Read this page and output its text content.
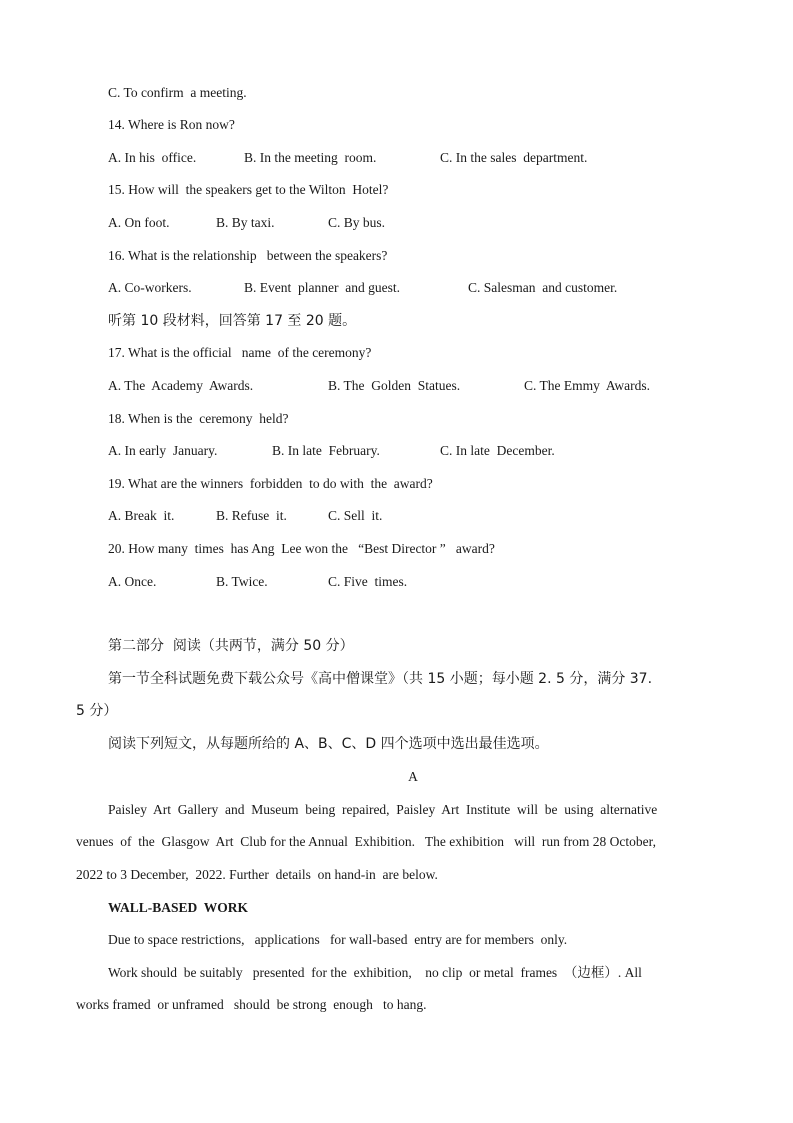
C. To confirm  a meeting.
14. Where is Ron now?
A. In his  office.	B. In the meeting  room.	C. In the sales  department.
15. How will  the speakers get to the Wilton  Hotel?
A. On foot.	B. By taxi.	C. By bus.
16. What is the relationship   between the speakers?
A. Co-workers.	B. Event  planner  and guest.	C. Salesman  and customer.
听第 10 段材料，回答第 17 至 20 题。
17. What is the official   name  of the ceremony?
A. The  Academy  Awards.	B. The  Golden  Statues.	C. The Emmy  Awards.
18. When is the  ceremony  held?
A. In early  January.	B. In late  February.	C. In late  December.
19. What are the winners  forbidden  to do with  the  award?
A. Break  it.	B. Refuse  it.	C. Sell  it.
20. How many  times  has Ang  Lee won the   “Best Director ”   award?
A. Once.	B. Twice.	C. Five  times.
第二部分  阅读（共两节，满分 50 分）
第一节全科试题免费下载公众号《高中僧课堂》（共 15 小题；每小题 2. 5 分，满分 37.
5 分）
阅读下列短文，从每题所给的 A、B、C、D 四个选项中选出最佳选项。
A
Paisley  Art  Gallery  and  Museum  being  repaired,  Paisley  Art  Institute  will  be  using  alternative
venues  of  the  Glasgow  Art  Club for the Annual  Exhibition.   The exhibition   will  run from 28 October,
2022 to 3 December,  2022. Further  details  on hand-in  are below.
WALL-BASED  WORK
Due to space restrictions,   applications   for wall-based  entry are for members  only.
Work should  be suitably   presented  for the  exhibition,    no clip  or metal  frames  （边框）. All
works framed  or unframed   should  be strong  enough   to hang.
